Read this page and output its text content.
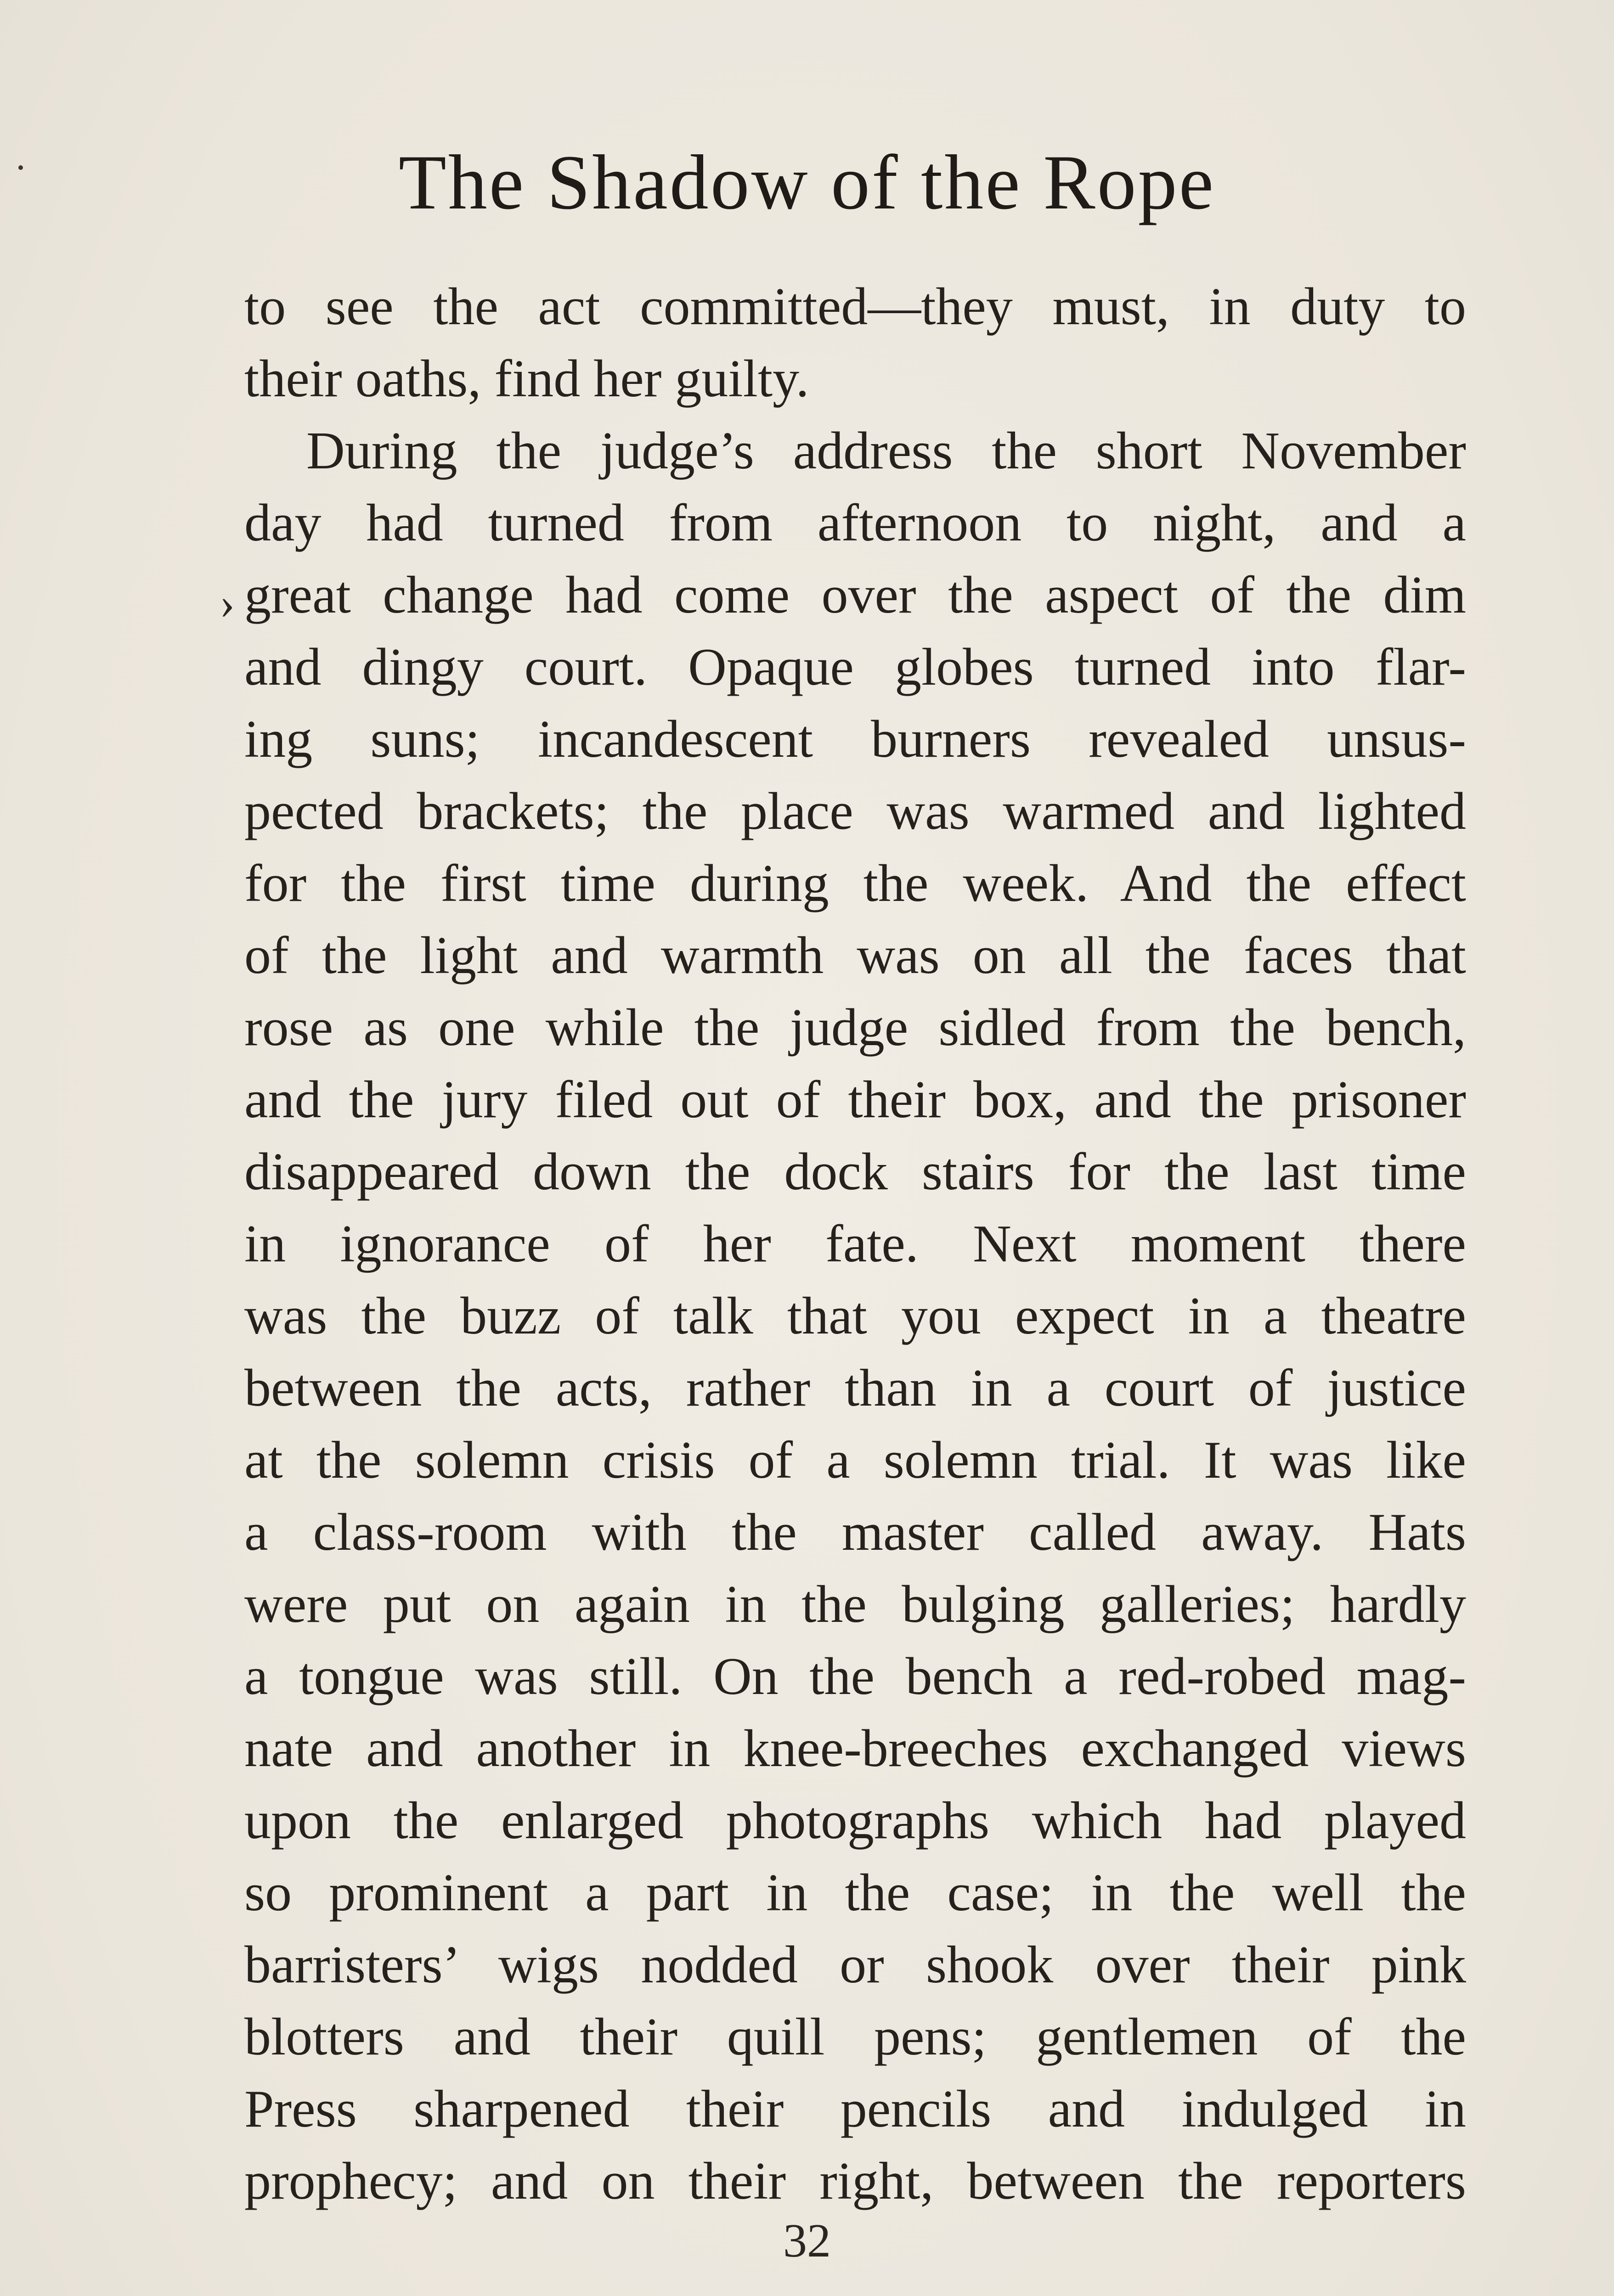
The Shadow of the Rope
›
to see the act committed—they must, in duty to
their oaths, find her guilty.
During the judge’s address the short November
day had turned from afternoon to night, and a
great change had come over the aspect of the dim
and dingy court. Opaque globes turned into flar-
ing suns; incandescent burners revealed unsus-
pected brackets; the place was warmed and lighted
for the first time during the week. And the effect
of the light and warmth was on all the faces that
rose as one while the judge sidled from the bench,
and the jury filed out of their box, and the prisoner
disappeared down the dock stairs for the last time
in ignorance of her fate. Next moment there
was the buzz of talk that you expect in a theatre
between the acts, rather than in a court of justice
at the solemn crisis of a solemn trial. It was like
a class-room with the master called away. Hats
were put on again in the bulging galleries; hardly
a tongue was still. On the bench a red-robed mag-
nate and another in knee-breeches exchanged views
upon the enlarged photographs which had played
so prominent a part in the case; in the well the
barristers’ wigs nodded or shook over their pink
blotters and their quill pens; gentlemen of the
Press sharpened their pencils and indulged in
prophecy; and on their right, between the reporters
32
